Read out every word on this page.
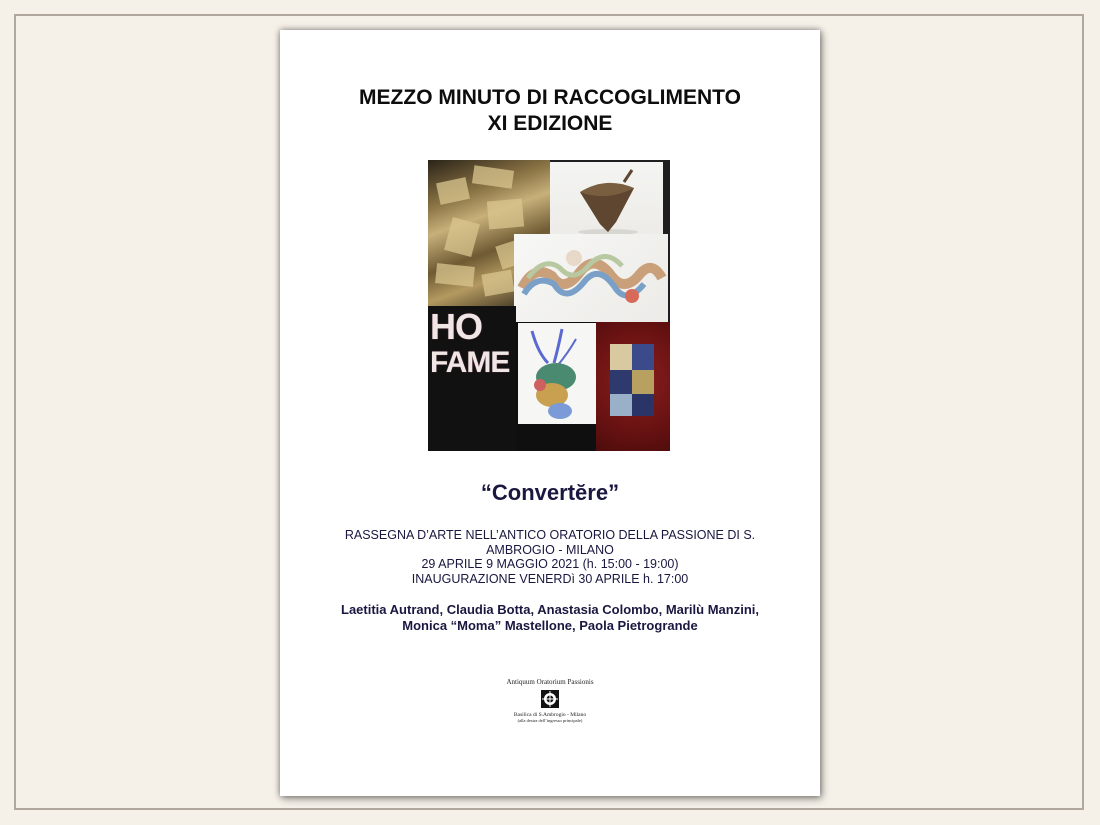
MEZZO MINUTO DI RACCOGLIMENTO
XI EDIZIONE
HO
FAME
“Convertĕre”
RASSEGNA D’ARTE NELL’ANTICO ORATORIO DELLA PASSIONE DI S.
AMBROGIO - MILANO
29 APRILE 9 MAGGIO 2021 (h. 15:00 - 19:00)
INAUGURAZIONE VENERDì 30 APRILE h. 17:00
Laetitia Autrand, Claudia Botta, Anastasia Colombo, Marilù Manzini,
Monica “Moma” Mastellone, Paola Pietrogrande
Antiquum Oratorium Passionis
Basilica di S.Ambrogio - Milano
(alla destra dell’ingresso principale)
